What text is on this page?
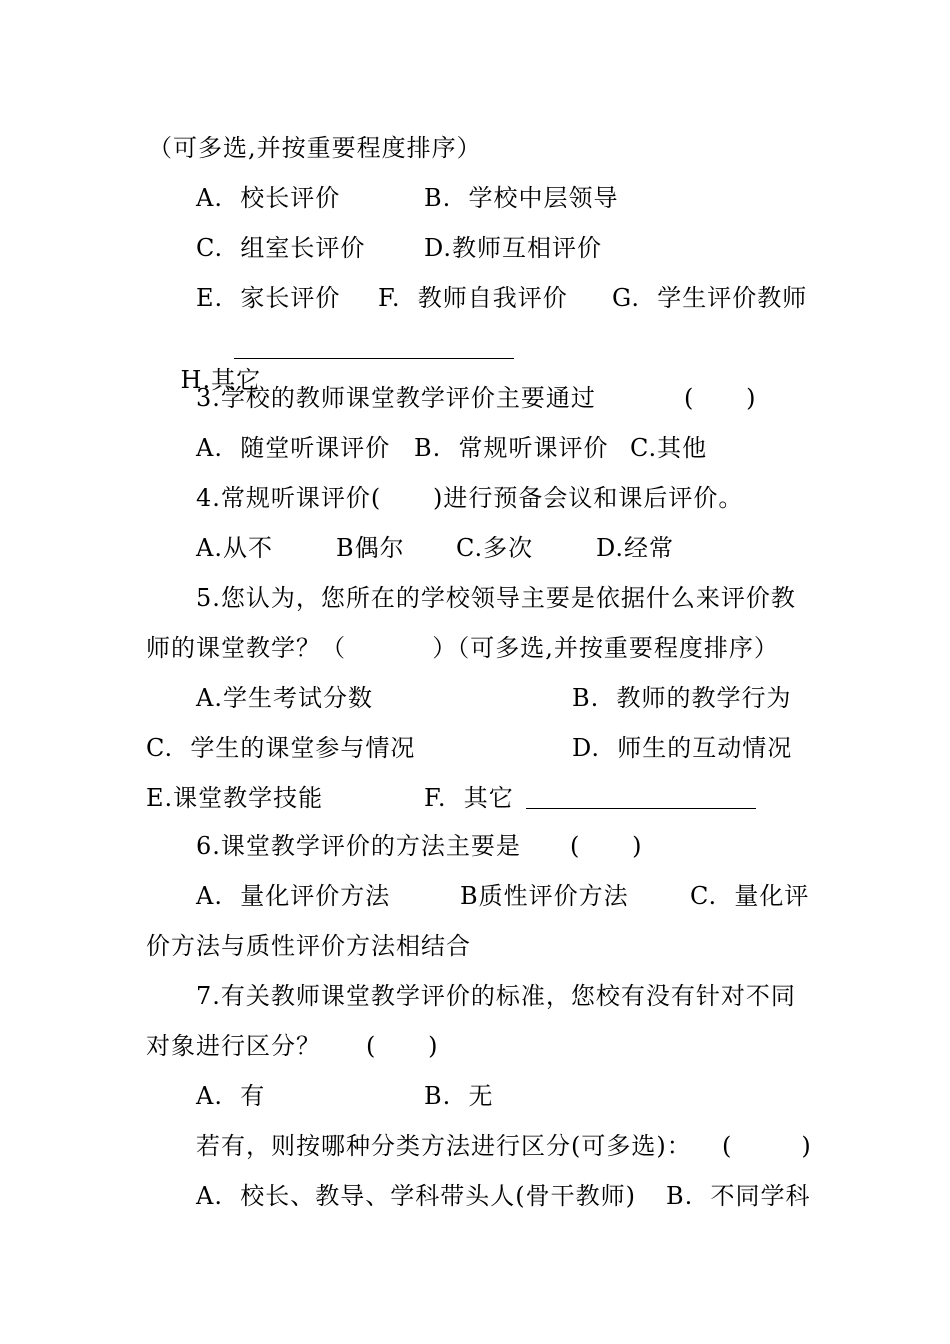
（可多选,并按重要程度排序）
A.  校长评价	B.  学校中层领导
C.  组室长评价 D.教师互相评价
E.  家长评价 F.  教师自我评价 G.  学生评价教师

H.其它

3.学校的教师课堂教学评价主要通过	(      )
A.  随堂听课评价 B.  常规听课评价 C.其他
4.常规听课评价(      )进行预备会议和课后评价。
A.从不	B偶尔 C.多次	D.经常
5.您认为，您所在的学校领导主要是依据什么来评价教
师的课堂教学？（          ）（可多选,并按重要程度排序）
A.学生考试分数	B.  教师的教学行为
C.  学生的课堂参与情况	D.  师生的互动情况
E.课堂教学技能	F.  其它
6.课堂教学评价的方法主要是 (      )
A.  量化评价方法	B质性评价方法	C.  量化评
价方法与质性评价方法相结合
7.有关教师课堂教学评价的标准，您校有没有针对不同
对象进行区分？ (      )
A.  有	B.  无
若有，则按哪种分类方法进行区分(可多选)： (        )
A.  校长、教导、学科带头人(骨干教师) B.  不同学科
